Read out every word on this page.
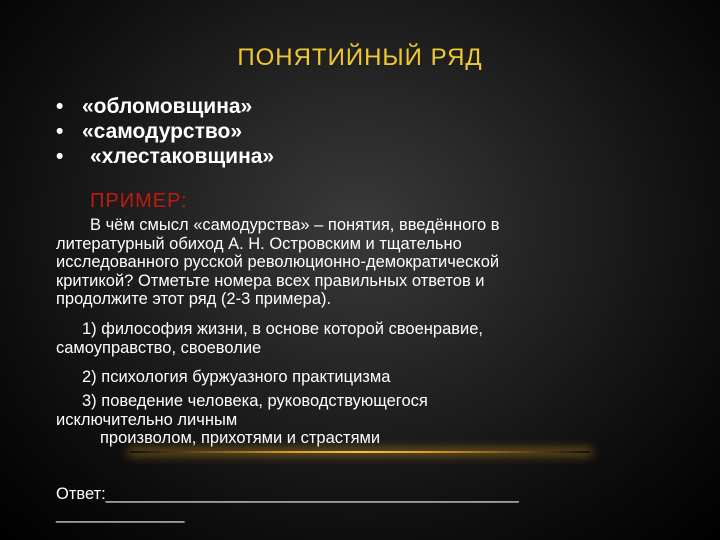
ПОНЯТИЙНЫЙ РЯД
• «обломовщина»
• «самодурство»
• «хлестаковщина»
ПРИМЕР:
В чём смысл «самодурства» – понятия, введённого в
литературный обиход А. Н. Островским и тщательно
исследованного русской революционно-демократической
критикой? Отметьте номера всех правильных ответов и
продолжите этот ряд (2-3 примера).
1) философия жизни, в основе которой своенравие,
самоуправство, своеволие
2) психология буржуазного практицизма
3) поведение человека, руководствующегося
исключительно личным
произволом, прихотями и страстями
Ответ:_____________________________________________
______________
